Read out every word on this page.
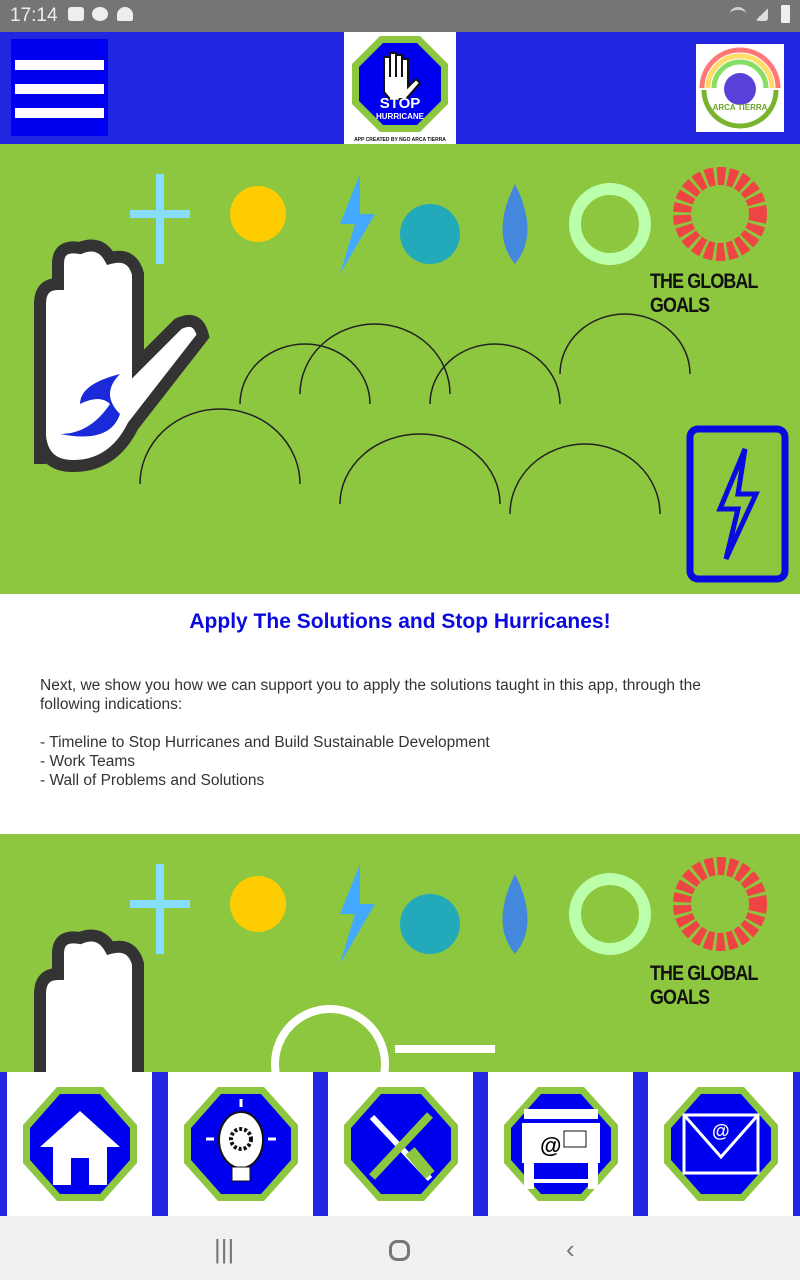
17:14
STOP
HURRICANE
APP CREATED BY NGO ARCA TIERRA
ARCA TIERRA
THE GLOBAL GOALS
Apply The Solutions and Stop Hurricanes!

Next, we show you how we can support you to apply the solutions taught in this app, through the following indications:

- Timeline to Stop Hurricanes and Build Sustainable Development

- Work Teams

- Wall of Problems and Solutions

THE GLOBAL GOALS
@
@
|||	‹
